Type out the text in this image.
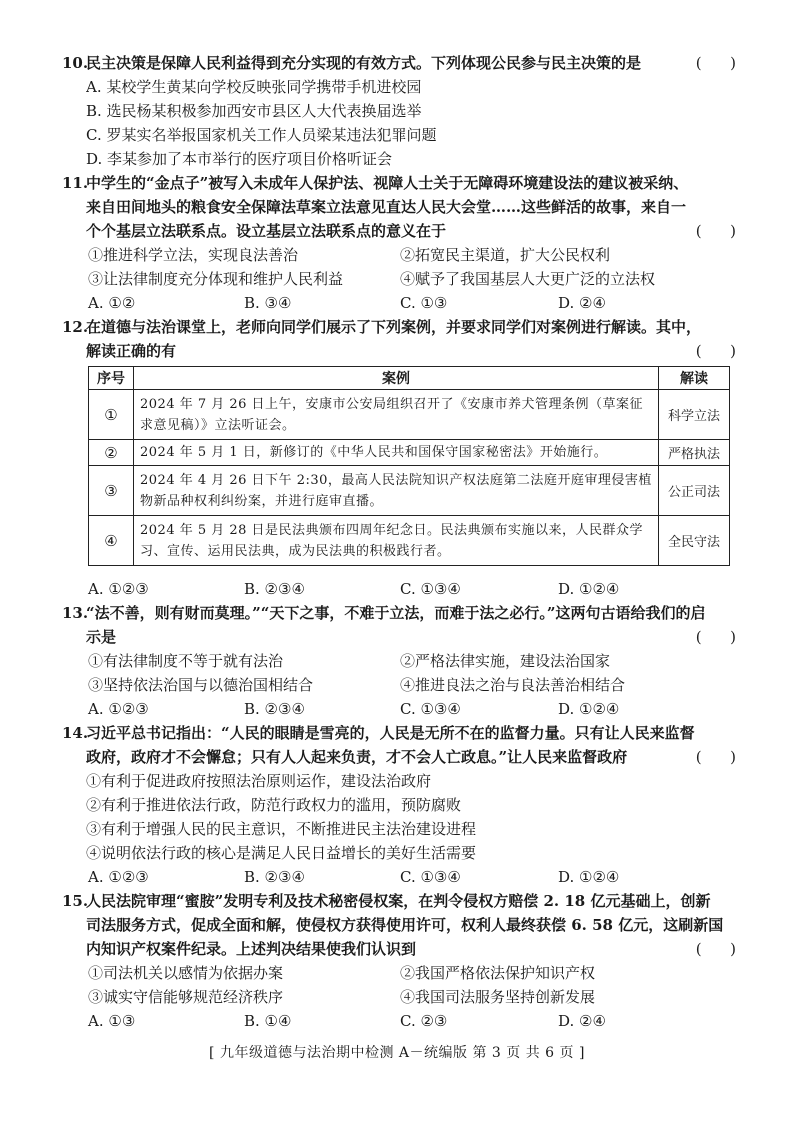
10.
民主决策是保障人民利益得到充分实现的有效方式。下列体现公民参与民主决策的是	(      )
A. 某校学生黄某向学校反映张同学携带手机进校园
B. 选民杨某积极参加西安市县区人大代表换届选举
C. 罗某实名举报国家机关工作人员梁某违法犯罪问题
D. 李某参加了本市举行的医疗项目价格听证会
11.
中学生的“金点子”被写入未成年人保护法、视障人士关于无障碍环境建设法的建议被采纳、
来自田间地头的粮食安全保障法草案立法意见直达人民大会堂……这些鲜活的故事，来自一
个个基层立法联系点。设立基层立法联系点的意义在于	(      )
①推进科学立法，实现良法善治	②拓宽民主渠道，扩大公民权利
③让法律制度充分体现和维护人民利益	④赋予了我国基层人大更广泛的立法权
A. ①②	B. ③④	C. ①③	D. ②④
12.
在道德与法治课堂上，老师向同学们展示了下列案例，并要求同学们对案例进行解读。其中，
解读正确的有	(      )
序号	案例	解读
①	2024 年 7 月 26 日上午，安康市公安局组织召开了《安康市养犬管理条例（草案征求意见稿）》立法听证会。	科学立法
②	2024 年 5 月 1 日，新修订的《中华人民共和国保守国家秘密法》开始施行。	严格执法
③	2024 年 4 月 26 日下午 2:30，最高人民法院知识产权法庭第二法庭开庭审理侵害植物新品种权利纠纷案，并进行庭审直播。	公正司法
④	2024 年 5 月 28 日是民法典颁布四周年纪念日。民法典颁布实施以来，人民群众学习、宣传、运用民法典，成为民法典的积极践行者。	全民守法
A. ①②③	B. ②③④	C. ①③④	D. ①②④
13.
“法不善，则有财而莫理。”“天下之事，不难于立法，而难于法之必行。”这两句古语给我们的启
示是	(      )
①有法律制度不等于就有法治	②严格法律实施，建设法治国家
③坚持依法治国与以德治国相结合	④推进良法之治与良法善治相结合
A. ①②③	B. ②③④	C. ①③④	D. ①②④
14.
习近平总书记指出：“人民的眼睛是雪亮的，人民是无所不在的监督力量。只有让人民来监督
政府，政府才不会懈怠；只有人人起来负责，才不会人亡政息。”让人民来监督政府	(      )
①有利于促进政府按照法治原则运作，建设法治政府
②有利于推进依法行政，防范行政权力的滥用，预防腐败
③有利于增强人民的民主意识，不断推进民主法治建设进程
④说明依法行政的核心是满足人民日益增长的美好生活需要
A. ①②③	B. ②③④	C. ①③④	D. ①②④
15.
人民法院审理“蜜胺”发明专利及技术秘密侵权案，在判令侵权方赔偿 2. 18 亿元基础上，创新
司法服务方式，促成全面和解，使侵权方获得使用许可，权利人最终获偿 6. 58 亿元，这刷新国
内知识产权案件纪录。上述判决结果使我们认识到	(      )
①司法机关以感情为依据办案	②我国严格依法保护知识产权
③诚实守信能够规范经济秩序	④我国司法服务坚持创新发展
A. ①③	B. ①④	C. ②③	D. ②④
[ 九年级道德与法治期中检测 A－统编版 第 3 页 共 6 页 ]
